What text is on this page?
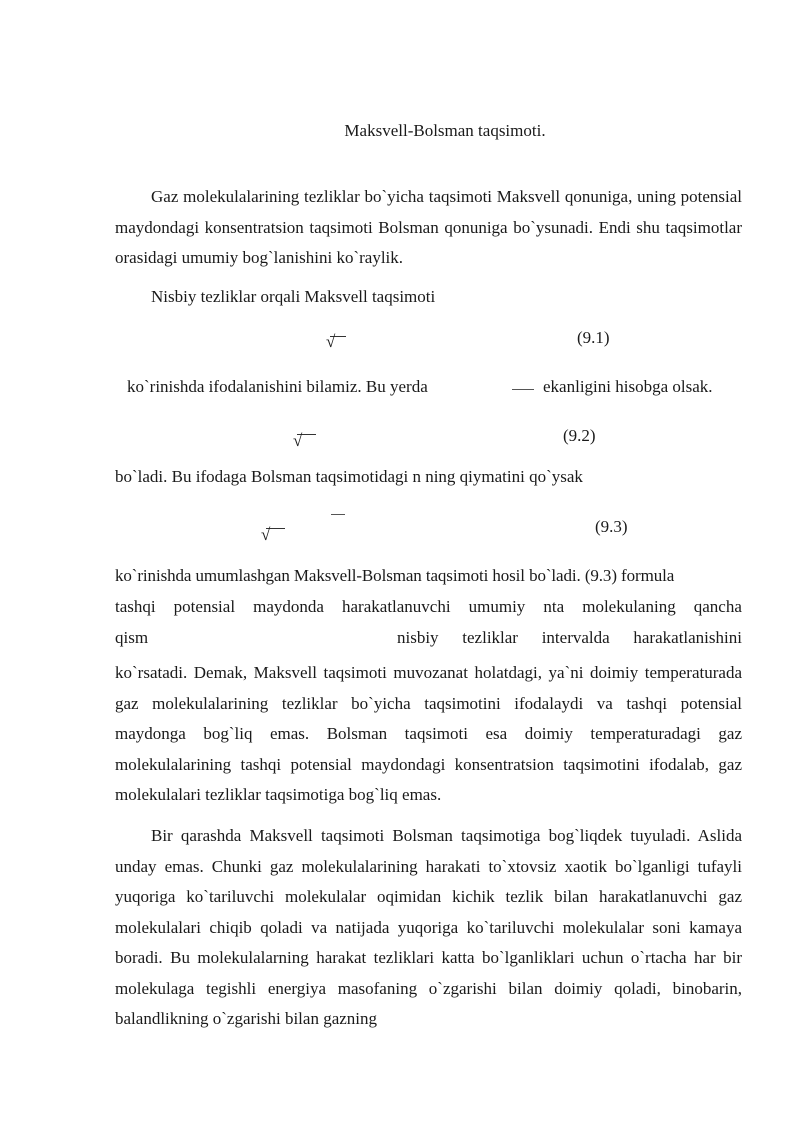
Maksvell-Bolsman taqsimoti.
Gaz molekulalarining tezliklar bo`yicha taqsimoti Maksvell qonuniga, uning potensial maydondagi konsentratsion taqsimoti Bolsman qonuniga bo`ysunadi. Endi shu taqsimotlar orasidagi umumiy bog`lanishini ko`raylik.
Nisbiy tezliklar orqali Maksvell taqsimoti
√	(9.1)
ko`rinishda ifodalanishini bilamiz. Bu yerda	ekanligini hisobga olsak.
√	(9.2)
bo`ladi. Bu ifodaga Bolsman taqsimotidagi n ning qiymatini qo`ysak
√	(9.3)
ko`rinishda umumlashgan Maksvell-Bolsman taqsimoti hosil bo`ladi. (9.3) formula
tashqi potensial maydonda harakatlanuvchi umumiy nta molekulaning qancha
qism	nisbiy tezliklar intervalda harakatlanishini
ko`rsatadi. Demak, Maksvell taqsimoti muvozanat holatdagi, ya`ni doimiy temperaturada gaz molekulalarining tezliklar bo`yicha taqsimotini ifodalaydi va tashqi potensial maydonga bog`liq emas. Bolsman taqsimoti esa doimiy temperaturadagi gaz molekulalarining tashqi potensial maydondagi konsentratsion taqsimotini ifodalab, gaz molekulalari tezliklar taqsimotiga bog`liq emas.
Bir qarashda Maksvell taqsimoti Bolsman taqsimotiga bog`liqdek tuyuladi. Aslida unday emas. Chunki gaz molekulalarining harakati to`xtovsiz xaotik bo`lganligi tufayli yuqoriga ko`tariluvchi molekulalar oqimidan kichik tezlik bilan harakatlanuvchi gaz molekulalari chiqib qoladi va natijada yuqoriga ko`tariluvchi molekulalar soni kamaya boradi. Bu molekulalarning harakat tezliklari katta bo`lganliklari uchun o`rtacha har bir molekulaga tegishli energiya masofaning o`zgarishi bilan doimiy qoladi, binobarin, balandlikning o`zgarishi bilan gazning
